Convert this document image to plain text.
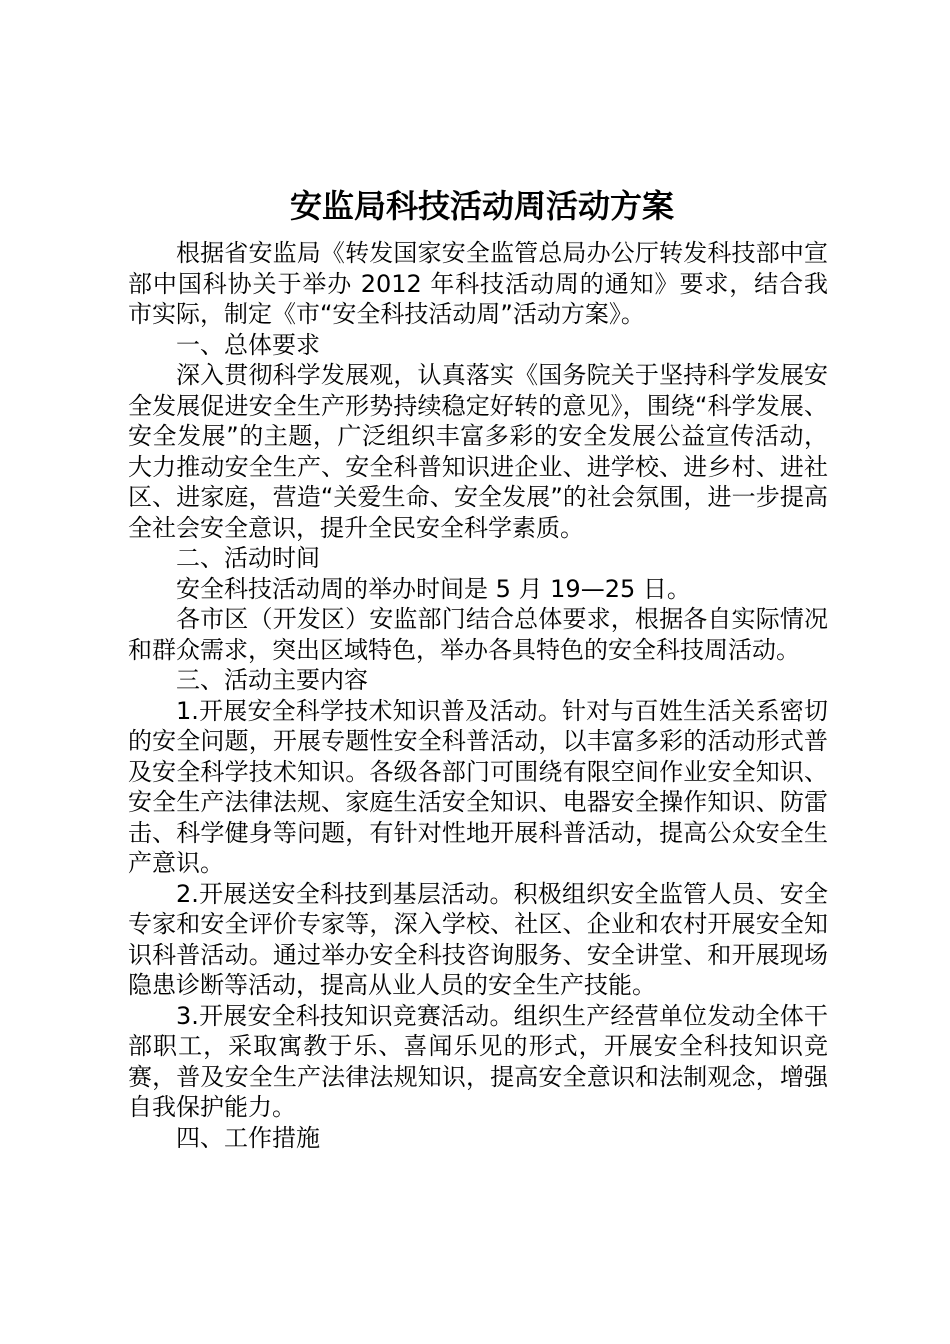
安监局科技活动周活动方案

根据省安监局《转发国家安全监管总局办公厅转发科技部中宣部中国科协关于举办 2012 年科技活动周的通知》要求，结合我市实际，制定《市“安全科技活动周”活动方案》。

一、总体要求

深入贯彻科学发展观，认真落实《国务院关于坚持科学发展安全发展促进安全生产形势持续稳定好转的意见》，围绕“科学发展、安全发展”的主题，广泛组织丰富多彩的安全发展公益宣传活动，大力推动安全生产、安全科普知识进企业、进学校、进乡村、进社区、进家庭，营造“关爱生命、安全发展”的社会氛围，进一步提高全社会安全意识，提升全民安全科学素质。

二、活动时间

安全科技活动周的举办时间是 5 月 19—25 日。

各市区（开发区）安监部门结合总体要求，根据各自实际情况和群众需求，突出区域特色，举办各具特色的安全科技周活动。

三、活动主要内容

1.开展安全科学技术知识普及活动。针对与百姓生活关系密切的安全问题，开展专题性安全科普活动，以丰富多彩的活动形式普及安全科学技术知识。各级各部门可围绕有限空间作业安全知识、安全生产法律法规、家庭生活安全知识、电器安全操作知识、防雷击、科学健身等问题，有针对性地开展科普活动，提高公众安全生产意识。

2.开展送安全科技到基层活动。积极组织安全监管人员、安全专家和安全评价专家等，深入学校、社区、企业和农村开展安全知识科普活动。通过举办安全科技咨询服务、安全讲堂、和开展现场隐患诊断等活动，提高从业人员的安全生产技能。

3.开展安全科技知识竞赛活动。组织生产经营单位发动全体干部职工，采取寓教于乐、喜闻乐见的形式，开展安全科技知识竞赛，普及安全生产法律法规知识，提高安全意识和法制观念，增强自我保护能力。

四、工作措施
